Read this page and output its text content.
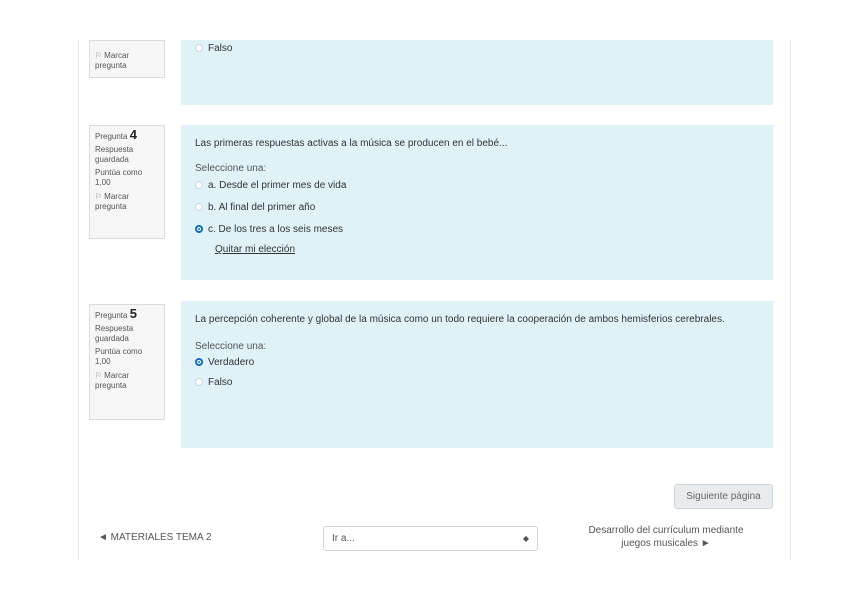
⚐ Marcar
pregunta
Falso
Pregunta 4
Respuesta guardada
Puntúa como 1,00
⚐ Marcar
pregunta
Las primeras respuestas activas a la música se producen en el bebé...
Seleccione una:
a. Desde el primer mes de vida
b. Al final del primer año
c. De los tres a los seis meses
Quitar mi elección
Pregunta 5
Respuesta guardada
Puntúa como 1,00
⚐ Marcar
pregunta
La percepción coherente y global de la música como un todo requiere la cooperación de ambos hemisferios cerebrales.
Seleccione una:
Verdadero
Falso
Siguiente página
◄ MATERIALES TEMA 2	Ir a...	◆
Desarrollo del currículum mediante
juegos musicales ►
